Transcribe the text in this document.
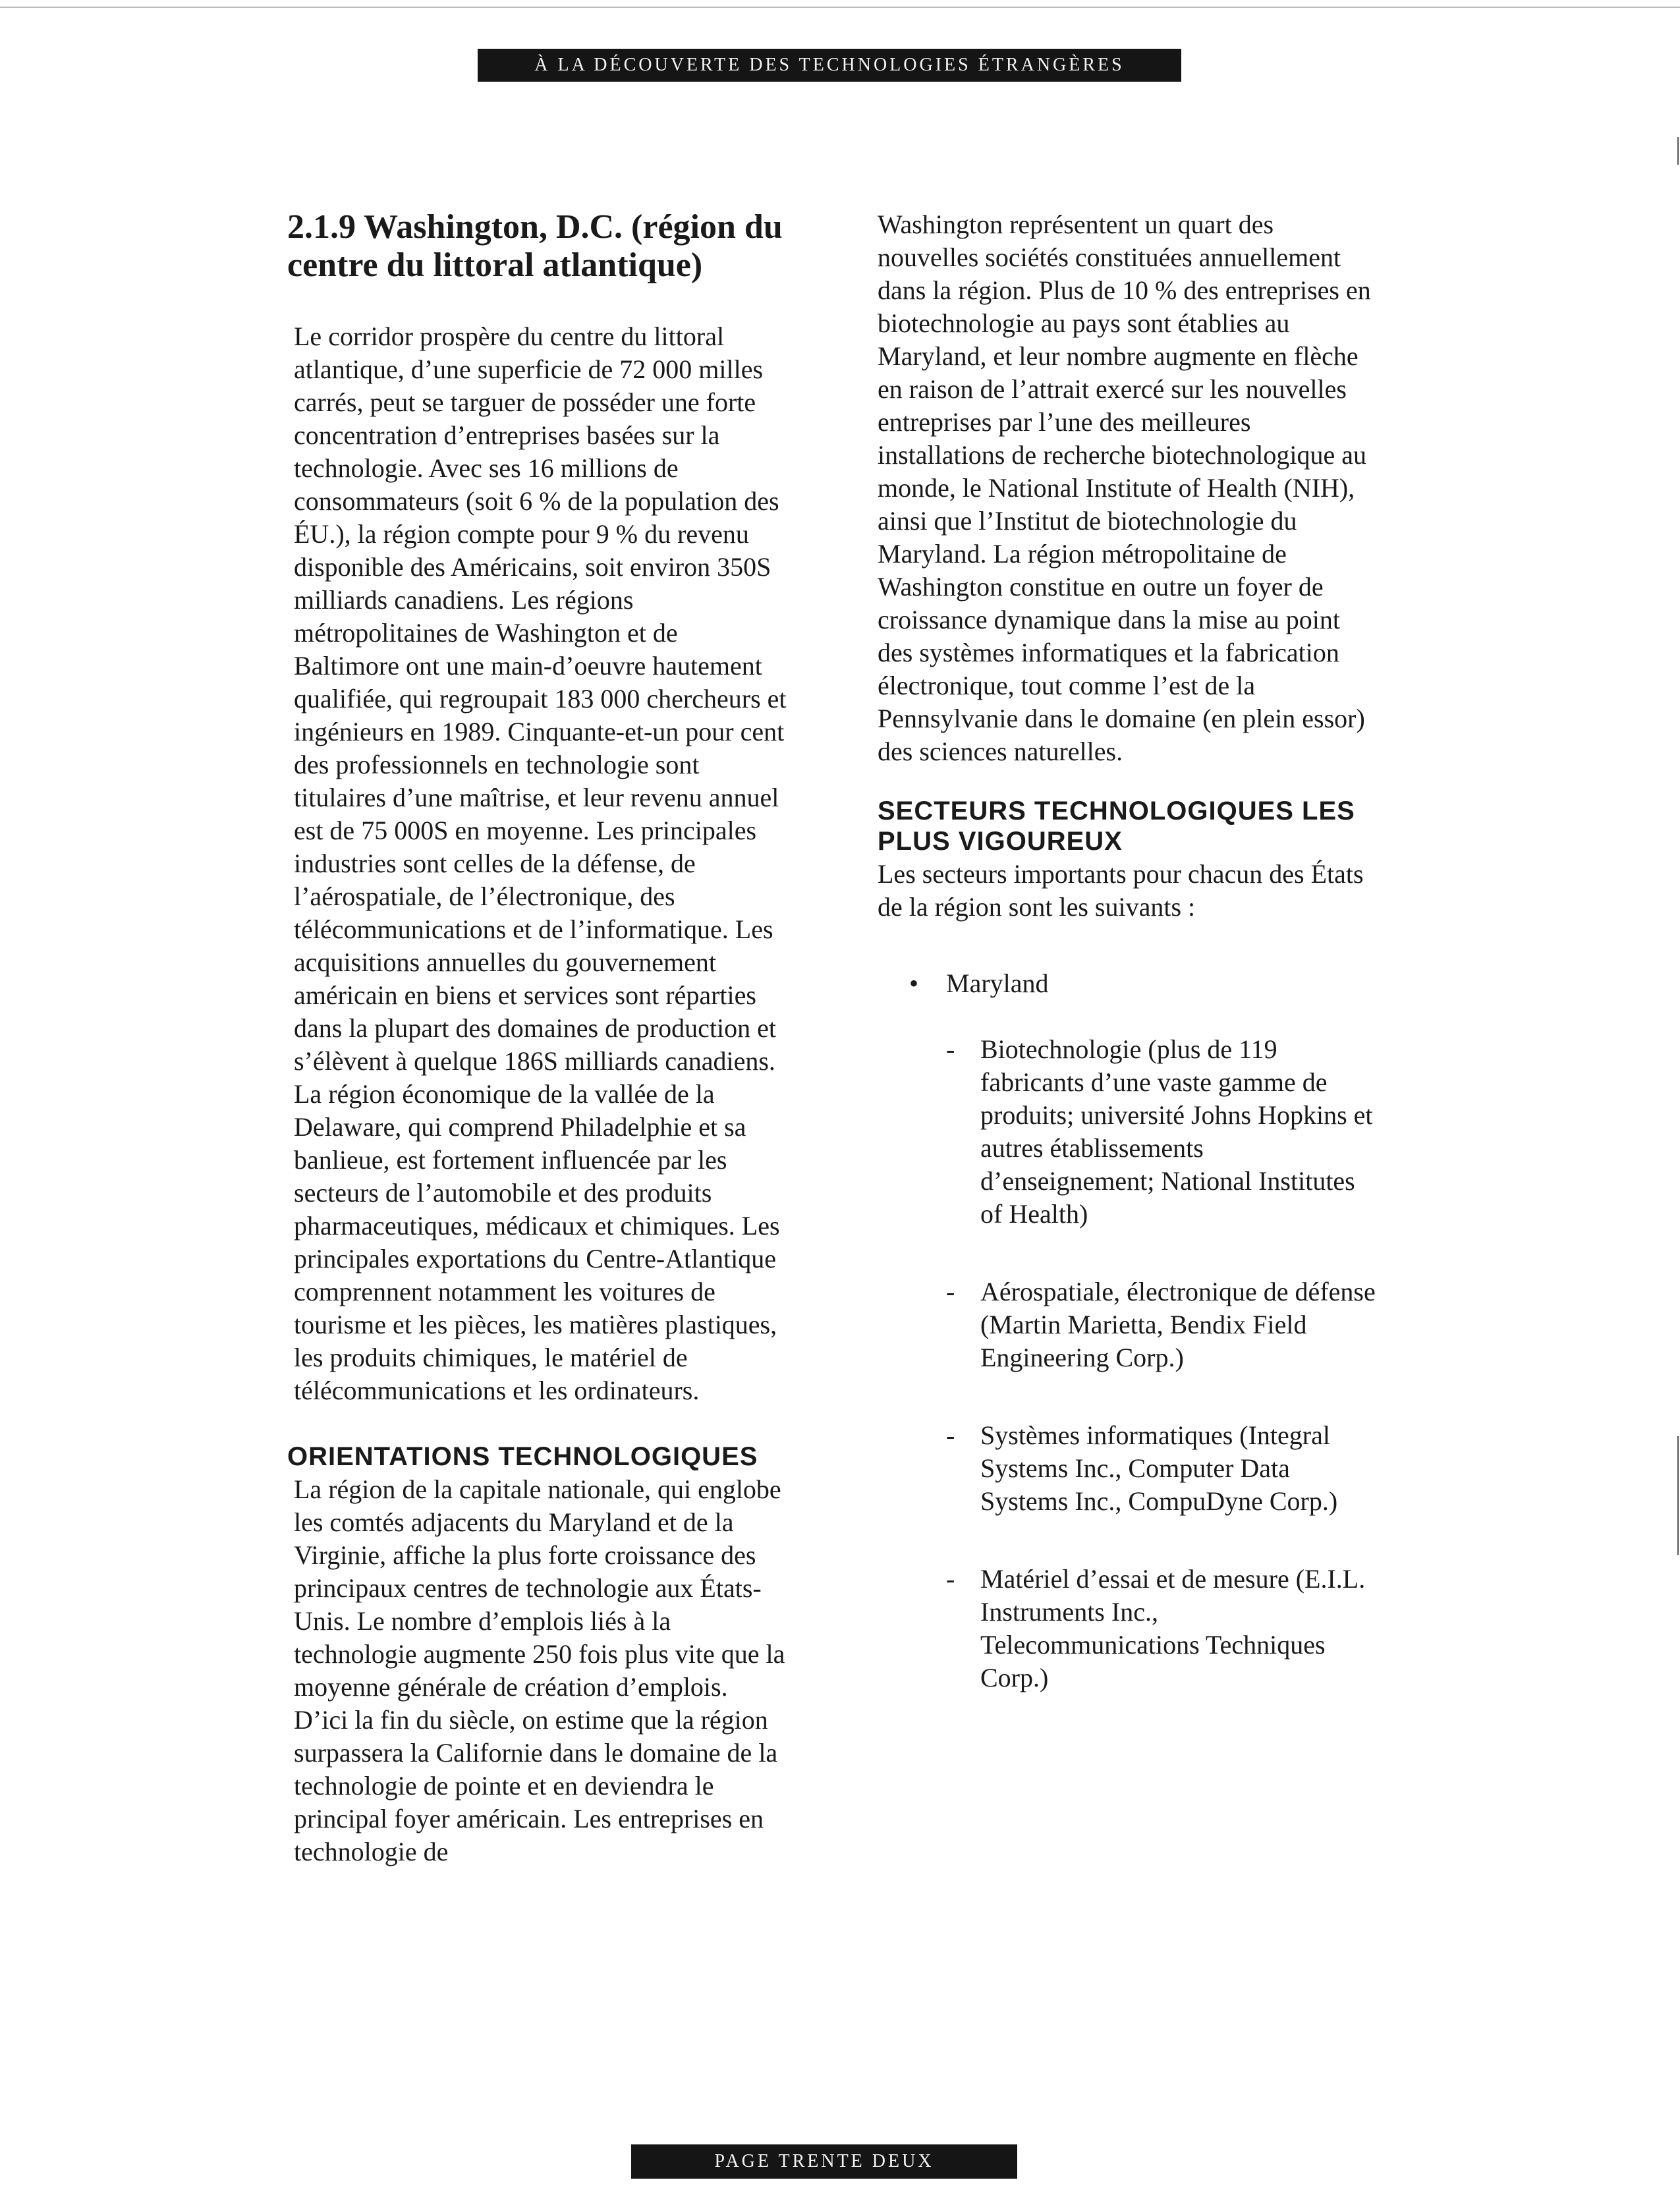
À LA DÉCOUVERTE DES TECHNOLOGIES ÉTRANGÈRES
2.1.9 Washington, D.C. (région du centre du littoral atlantique)

Le corridor prospère du centre du littoral atlantique, d’une superficie de 72 000 milles carrés, peut se targuer de posséder une forte concentration d’entreprises basées sur la technologie. Avec ses 16 millions de consommateurs (soit 6 % de la population des ÉU.), la région compte pour 9 % du revenu disponible des Américains, soit environ 350S milliards canadiens. Les régions métropolitaines de Washington et de Baltimore ont une main-d’oeuvre hautement qualifiée, qui regroupait 183 000 chercheurs et ingénieurs en 1989. Cinquante-et-un pour cent des professionnels en technologie sont titulaires d’une maîtrise, et leur revenu annuel est de 75 000S en moyenne. Les principales industries sont celles de la défense, de l’aérospatiale, de l’électronique, des télécommunications et de l’informatique. Les acquisitions annuelles du gouvernement américain en biens et services sont réparties dans la plupart des domaines de production et s’élèvent à quelque 186S milliards canadiens. La région économique de la vallée de la Delaware, qui comprend Philadelphie et sa banlieue, est fortement influencée par les secteurs de l’automobile et des produits pharmaceutiques, médicaux et chimiques. Les principales exportations du Centre-Atlantique comprennent notamment les voitures de tourisme et les pièces, les matières plastiques, les produits chimiques, le matériel de télécommunications et les ordinateurs.

ORIENTATIONS TECHNOLOGIQUES

La région de la capitale nationale, qui englobe les comtés adjacents du Maryland et de la Virginie, affiche la plus forte croissance des principaux centres de technologie aux États-Unis. Le nombre d’emplois liés à la technologie augmente 250 fois plus vite que la moyenne générale de création d’emplois. D’ici la fin du siècle, on estime que la région surpassera la Californie dans le domaine de la technologie de pointe et en deviendra le principal foyer américain. Les entreprises en technologie de

Washington représentent un quart des nouvelles sociétés constituées annuellement dans la région. Plus de 10 % des entreprises en biotechnologie au pays sont établies au Maryland, et leur nombre augmente en flèche en raison de l’attrait exercé sur les nouvelles entreprises par l’une des meilleures installations de recherche biotechnologique au monde, le National Institute of Health (NIH), ainsi que l’Institut de biotechnologie du Maryland. La région métropolitaine de Washington constitue en outre un foyer de croissance dynamique dans la mise au point des systèmes informatiques et la fabrication électronique, tout comme l’est de la Pennsylvanie dans le domaine (en plein essor) des sciences naturelles.

SECTEURS TECHNOLOGIQUES LES PLUS VIGOUREUX

Les secteurs importants pour chacun des États de la région sont les suivants :

• Maryland
- Biotechnologie (plus de 119 fabricants d’une vaste gamme de produits; université Johns Hopkins et autres établissements d’enseignement; National Institutes of Health)
- Aérospatiale, électronique de défense (Martin Marietta, Bendix Field Engineering Corp.)
- Systèmes informatiques (Integral Systems Inc., Computer Data Systems Inc., CompuDyne Corp.)
- Matériel d’essai et de mesure (E.I.L. Instruments Inc., Telecommunications Techniques Corp.)
PAGE TRENTE DEUX
